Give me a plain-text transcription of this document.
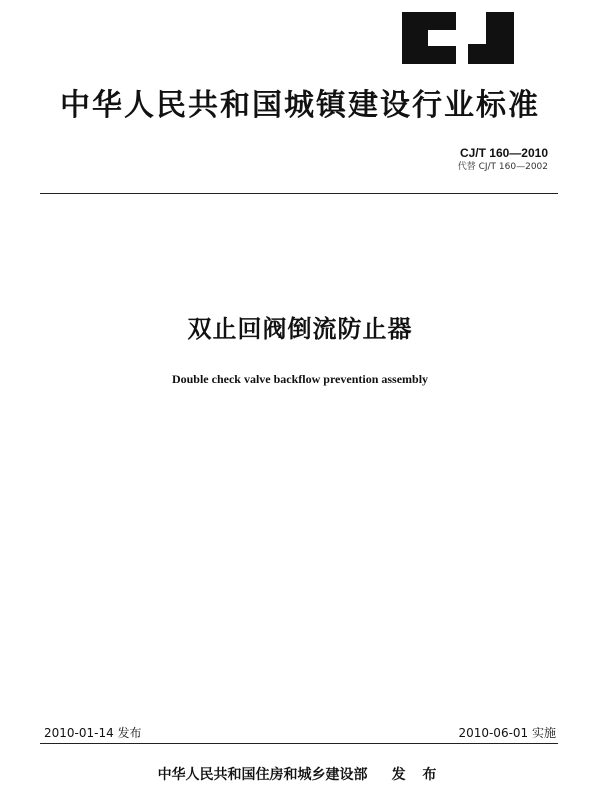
中华人民共和国城镇建设行业标准
CJ/T 160—2010
代替 CJ/T 160—2002
双止回阀倒流防止器
Double check valve backflow prevention assembly
2010-01-14 发布	2010-06-01 实施
中华人民共和国住房和城乡建设部 发 布
